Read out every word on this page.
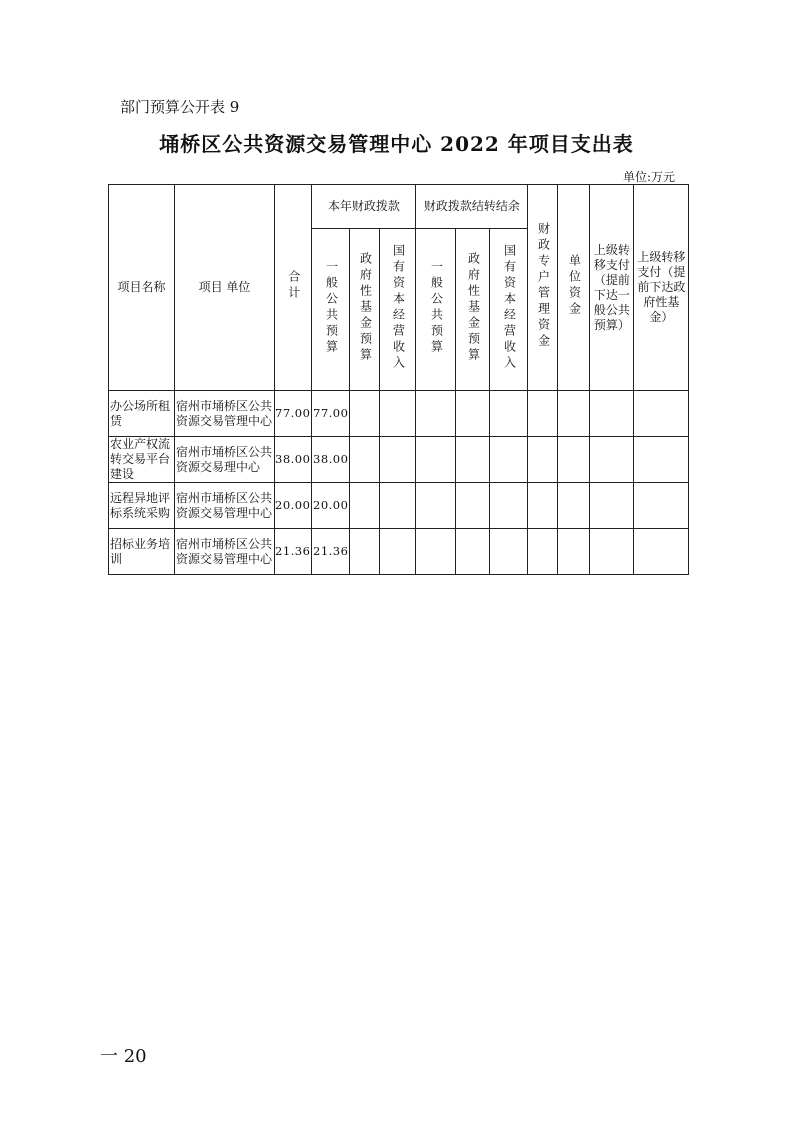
部门预算公开表 9
埇桥区公共资源交易管理中心 2022 年项目支出表
单位:万元
项目名称	项目 单位	合计	本年财政拨款			财政拨款结转结余			财政专户管理资金	单位资金	上级转移支付（提前下达一般公共预算）	上级转移支付（提前下达政府性基金）
			一般公共预算	政府性基金预算	国有资本经营收入	一般公共预算	政府性基金预算	国有资本经营收入				
办公场所租赁	宿州市埇桥区公共资源交易管理中心	77.00	77.00									
农业产权流转交易平台建设	宿州市埇桥区公共资源交易理中心	38.00	38.00									
远程异地评标系统采购	宿州市埇桥区公共资源交易管理中心	20.00	20.00									
招标业务培训	宿州市埇桥区公共资源交易管理中心	21.36	21.36									
一 20
